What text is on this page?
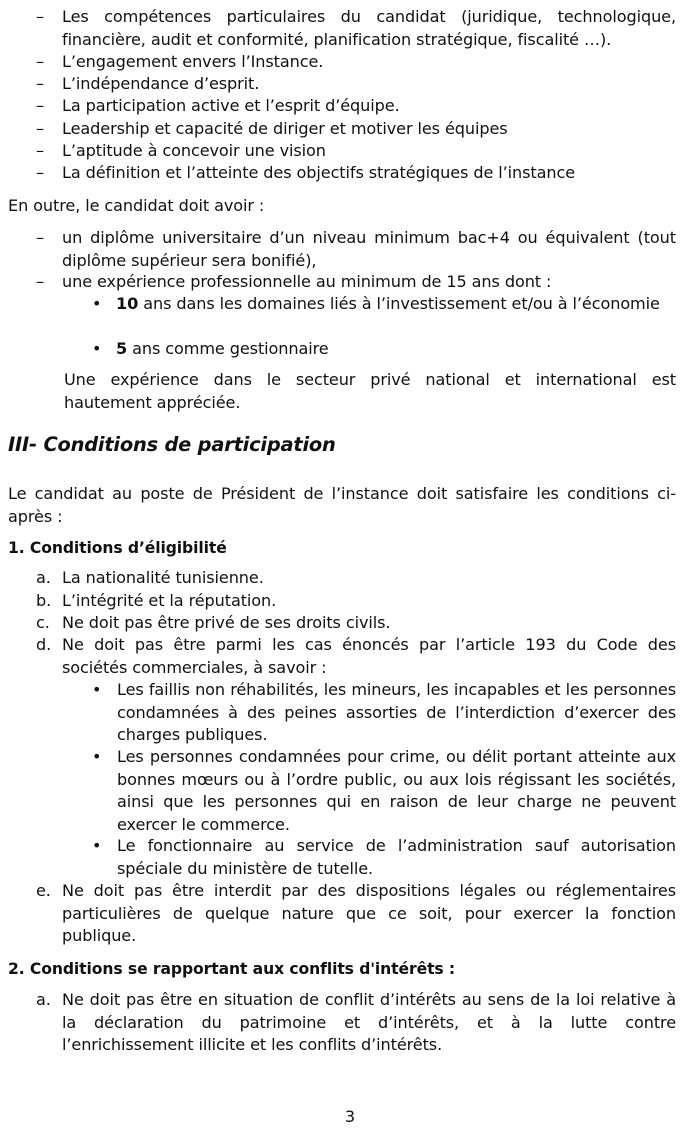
– Les compétences particulaires du candidat (juridique, technologique, financière, audit et conformité, planification stratégique, fiscalité …).

– L’engagement envers l’Instance.

– L’indépendance d’esprit.

– La participation active et l’esprit d’équipe.

– Leadership et capacité de diriger et motiver les équipes

– L’aptitude à concevoir une vision

– La définition et l’atteinte des objectifs stratégiques de l’instance

En outre, le candidat doit avoir :

– un diplôme universitaire d’un niveau minimum bac+4 ou équivalent (tout diplôme supérieur sera bonifié),

– une expérience professionnelle au minimum de 15 ans dont :

• 10 ans dans les domaines liés à l’investissement et/ou à l’économie

• 5 ans comme gestionnaire

Une expérience dans le secteur privé national et international est hautement appréciée.

III- Conditions de participation

Le candidat au poste de Président de l’instance doit satisfaire les conditions ci-après :

1. Conditions d’éligibilité
a. La nationalité tunisienne.

b. L’intégrité et la réputation.

c. Ne doit pas être privé de ses droits civils.

d. Ne doit pas être parmi les cas énoncés par l’article 193 du Code des sociétés commerciales, à savoir :

• Les faillis non réhabilités, les mineurs, les incapables et les personnes condamnées à des peines assorties de l’interdiction d’exercer des charges publiques.

• Les personnes condamnées pour crime, ou délit portant atteinte aux bonnes mœurs ou à l’ordre public, ou aux lois régissant les sociétés, ainsi que les personnes qui en raison de leur charge ne peuvent exercer le commerce.

• Le fonctionnaire au service de l’administration sauf autorisation spéciale du ministère de tutelle.

e. Ne doit pas être interdit par des dispositions légales ou réglementaires particulières de quelque nature que ce soit, pour exercer la fonction publique.

2. Conditions se rapportant aux conflits d'intérêts :
a. Ne doit pas être en situation de conflit d’intérêts au sens de la loi relative à la déclaration du patrimoine et d’intérêts, et à la lutte contre l’enrichissement illicite et les conflits d’intérêts.

3
